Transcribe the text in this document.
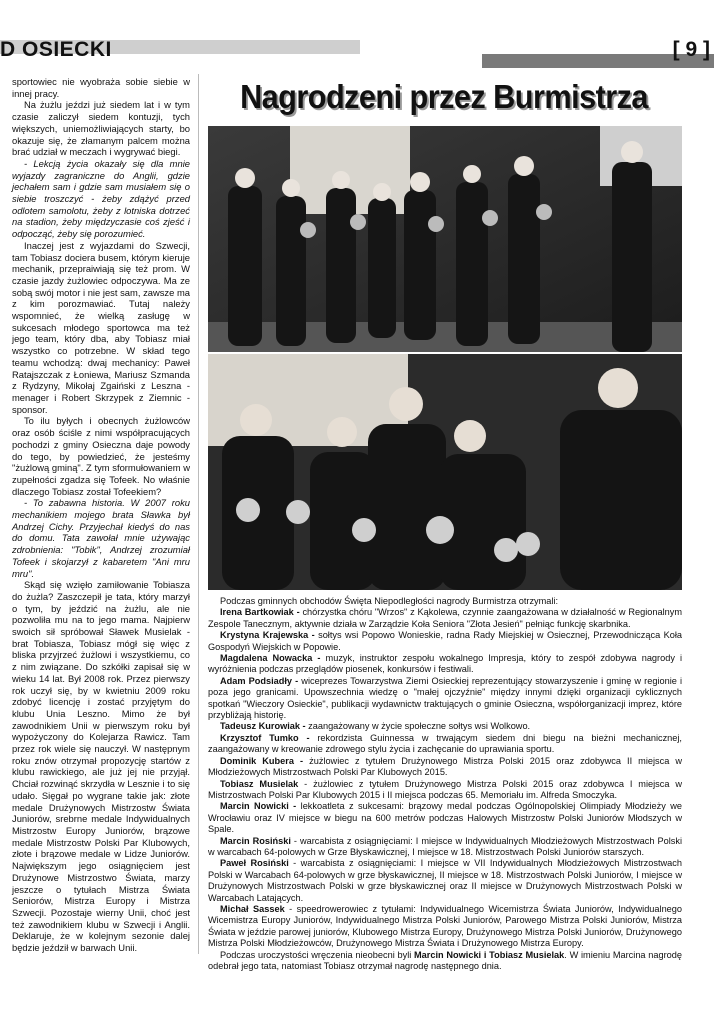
D OSIECKI	[ 9 ]

sportowiec nie wyobraża sobie siebie w innej pracy.

Na żużlu jeździ już siedem lat i w tym czasie zaliczył siedem kontuzji, tych większych, uniemożliwiających starty, bo okazuje się, że złamanym palcem można brać udział w meczach i wygrywać biegi.

- Lekcją życia okazały się dla mnie wyjazdy zagraniczne do Anglii, gdzie jechałem sam i gdzie sam musiałem się o siebie troszczyć - żeby zdążyć przed odlotem samolotu, żeby z lotniska dotrzeć na stadion, żeby międzyczasie coś zjeść i odpocząć, żeby się porozumieć.

Inaczej jest z wyjazdami do Szwecji, tam Tobiasz dociera busem, którym kieruje mechanik, przepraiwiają się też prom. W czasie jazdy żużlowiec odpoczywa. Ma ze sobą swój motor i nie jest sam, zawsze ma z kim porozmawiać. Tutaj należy wspomnieć, że wielką zasługę w sukcesach młodego sportowca ma też jego team, który dba, aby Tobiasz miał wszystko co potrzebne. W skład tego teamu wchodzą: dwaj mechanicy: Paweł Ratajszczak z Łoniewa, Mariusz Szmanda z Rydzyny, Mikołaj Zgaiński z Leszna - menager i Robert Skrzypek z Ziemnic - sponsor.

To ilu byłych i obecnych żużlowców oraz osób ściśle z nimi współpracujących pochodzi z gminy Osieczna daje powody do tego, by powiedzieć, że jesteśmy "żużlową gminą". Z tym sformułowaniem w zupełności zgadza się Tofeek. No właśnie dlaczego Tobiasz został Tofeekiem?

- To zabawna historia. W 2007 roku mechanikiem mojego brata Sławka był Andrzej Cichy. Przyjechał kiedyś do nas do domu. Tata zawołał mnie używając zdrobnienia: "Tobik", Andrzej zrozumiał Tofeek i skojarzył z kabaretem "Ani mru mru".

Skąd się wzięło zamiłowanie Tobiasza do żużla? Zaszczepił je tata, który marzył o tym, by jeździć na żużlu, ale nie pozwoliła mu na to jego mama. Najpierw swoich sił spróbował Sławek Musielak - brat Tobiasza, Tobiasz mógł się więc z bliska przyjrzeć żużlowi i wszystkiemu, co z nim związane. Do szkółki zapisał się w wieku 14 lat. Był 2008 rok. Przez pierwszy rok uczył się, by w kwietniu 2009 roku zdobyć licencję i zostać przyjętym do klubu Unia Leszno. Mimo że był zawodnikiem Unii w pierwszym roku był wypożyczony do Kolejarza Rawicz. Tam przez rok wiele się nauczył. W następnym roku znów otrzymał propozycję startów z klubu rawickiego, ale już jej nie przyjął. Chciał rozwinąć skrzydła w Lesznie i to się udało. Sięgał po wygrane takie jak: złote medale Drużynowych Mistrzostw Świata Juniorów, srebrne medale Indywidualnych Mistrzostw Europy Juniorów, brązowe medale Mistrzostw Polski Par Klubowych, złote i brązowe medale w Lidze Juniorów. Największym jego osiągnięciem jest Drużynowe Mistrzostwo Świata, marzy jeszcze o tytułach Mistrza Świata Seniorów, Mistrza Europy i Mistrza Szwecji. Pozostaje wierny Unii, choć jest też zawodnikiem klubu w Szwecji i Anglii. Deklaruje, że w kolejnym sezonie dalej będzie jeździł w barwach Unii.

Nagrodzeni przez Burmistrza

Podczas gminnych obchodów Święta Niepodległości nagrody Burmistrza otrzymali:

Irena Bartkowiak - chórzystka chóru "Wrzos" z Kąkolewa, czynnie zaangażowana w działalność w Regionalnym Zespole Tanecznym, aktywnie działa w Zarządzie Koła Seniora "Złota Jesień" pełniąc funkcję skarbnika.

Krystyna Krajewska - sołtys wsi Popowo Wonieskie, radna Rady Miejskiej w Osiecznej, Przewodnicząca Koła Gospodyń Wiejskich w Popowie.

Magdalena Nowacka - muzyk, instruktor zespołu wokalnego Impresja, który to zespół zdobywa nagrody i wyróżnienia podczas przeglądów piosenek, konkursów i festiwali.

Adam Podsiadły - wiceprezes Towarzystwa Ziemi Osieckiej reprezentujący stowarzyszenie i gminę w regionie i poza jego granicami. Upowszechnia wiedzę o "małej ojczyźnie" między innymi dzięki organizacji cyklicznych spotkań "Wieczory Osieckie", publikacji wydawnictw traktujących o gminie Osieczna, współorganizacji imprez, które przybliżają historię.

Tadeusz Kurowiak - zaangażowany w życie społeczne sołtys wsi Wolkowo.

Krzysztof Tumko - rekordzista Guinnessa w trwającym siedem dni biegu na bieżni mechanicznej, zaangażowany w kreowanie zdrowego stylu życia i zachęcanie do uprawiania sportu.

Dominik Kubera - żużlowiec z tytułem Drużynowego Mistrza Polski 2015 oraz zdobywca II miejsca w Młodzieżowych Mistrzostwach Polski Par Klubowych 2015.

Tobiasz Musielak - żużlowiec z tytułem Drużynowego Mistrza Polski 2015 oraz zdobywca I miejsca w Mistrzostwach Polski Par Klubowych 2015 i II miejsca podczas 65. Memoriału im. Alfreda Smoczyka.

Marcin Nowicki - lekkoatleta z sukcesami: brązowy medal podczas Ogólnopolskiej Olimpiady Młodzieży we Wrocławiu oraz IV miejsce w biegu na 600 metrów podczas Halowych Mistrzostw Polski Juniorów Młodszych w Spale.

Marcin Rosiński - warcabista z osiągnięciami: I miejsce w Indywidualnych Młodzieżowych Mistrzostwach Polski w warcabach 64-polowych w Grze Błyskawicznej, I miejsce w 18. Mistrzostwach Polski Juniorów starszych.

Paweł Rosiński - warcabista z osiągnięciami: I miejsce w VII Indywidualnych Młodzieżowych Mistrzostwach Polski w Warcabach 64-polowych w grze błyskawicznej, II miejsce w 18. Mistrzostwach Polski Juniorów, I miejsce w Drużynowych Mistrzostwach Polski w grze błyskawicznej oraz II miejsce w Drużynowych Mistrzostwach Polski w Warcabach Latających.

Michał Sassek - speedrowerowiec z tytułami: Indywidualnego Wicemistrza Świata Juniorów, Indywidualnego Wicemistrza Europy Juniorów, Indywidualnego Mistrza Polski Juniorów, Parowego Mistrza Polski Juniorów, Mistrza Świata w jeździe parowej juniorów, Klubowego Mistrza Europy, Drużynowego Mistrza Polski Juniorów, Drużynowego Mistrza Polski Młodzieżowców, Drużynowego Mistrza Świata i Drużynowego Mistrza Europy.

Podczas uroczystości wręczenia nieobecni byli Marcin Nowicki i Tobiasz Musielak. W imieniu Marcina nagrodę odebrał jego tata, natomiast Tobiasz otrzymał nagrodę następnego dnia.
